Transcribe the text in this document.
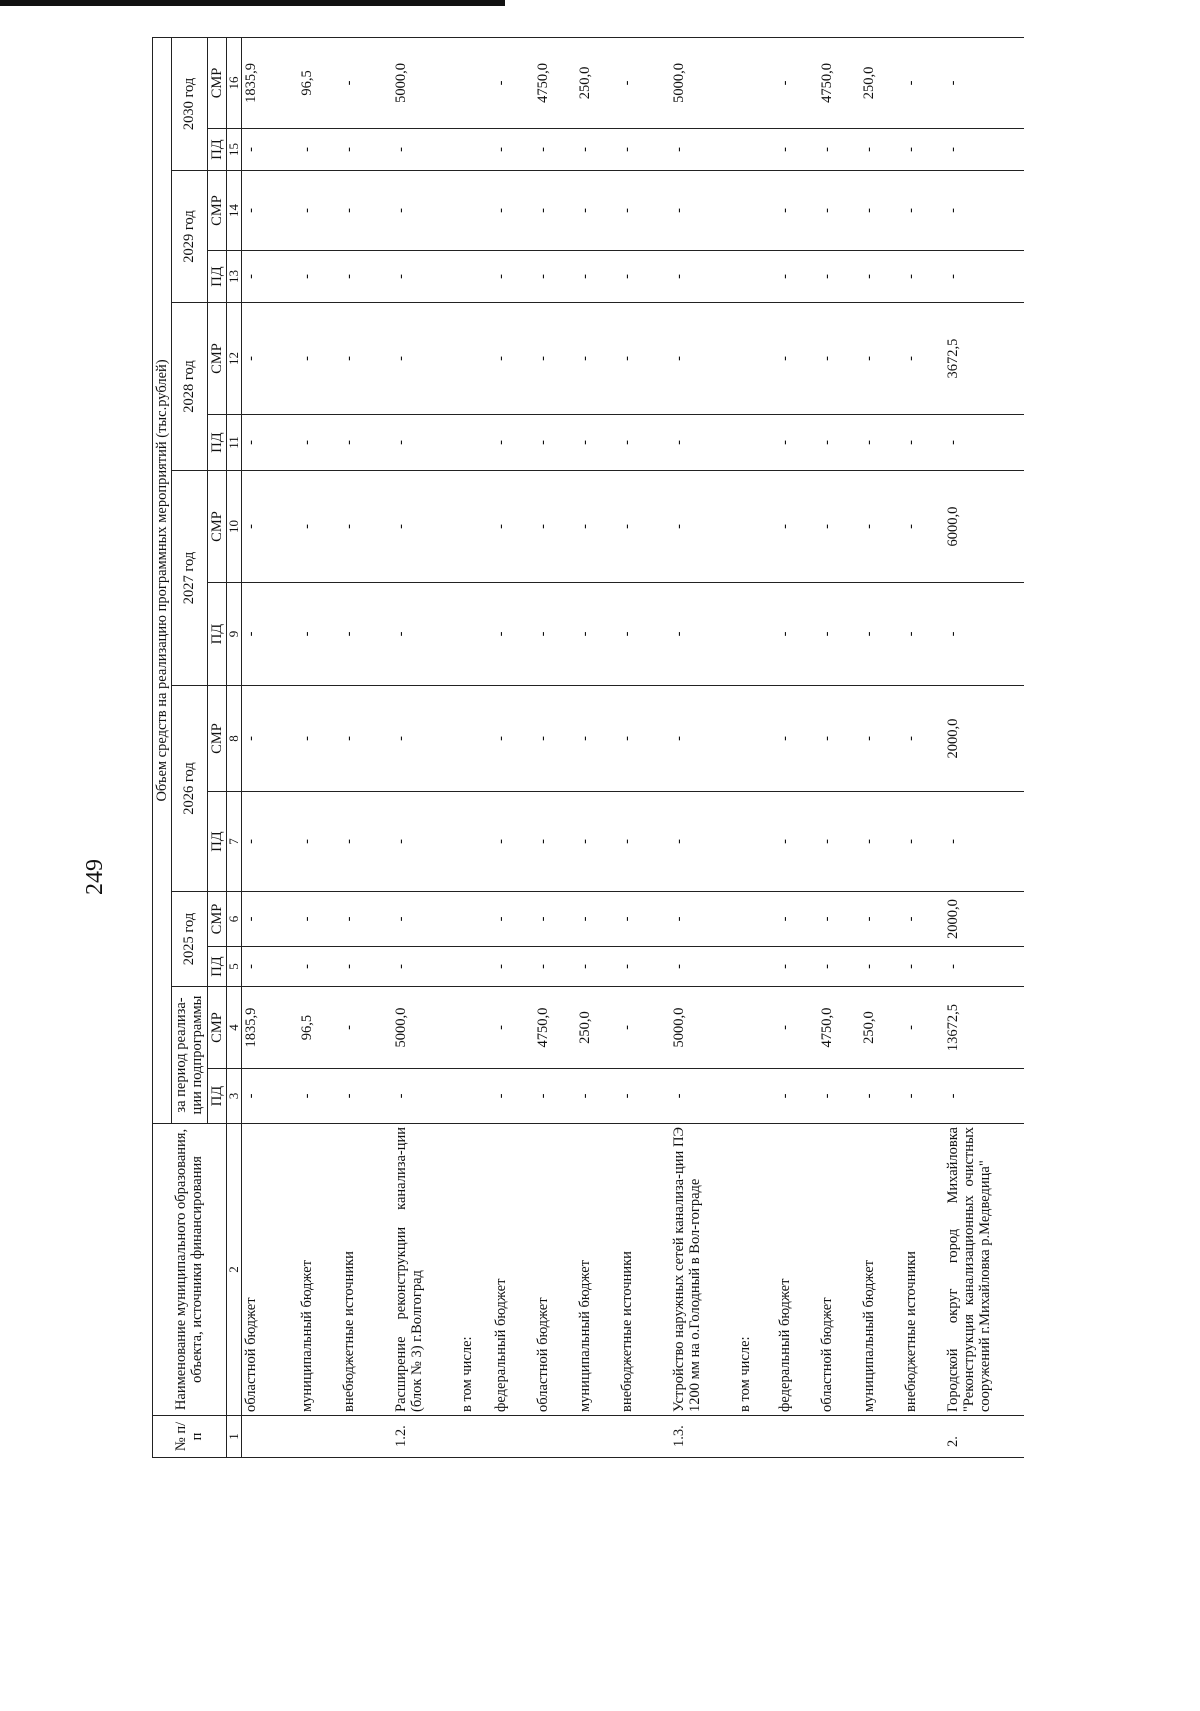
249
№ п/п	Наименование муниципального образования, объекта, источники финансирования	Объем средств на реализацию программных мероприятий (тыс.рублей)													
		за период реализа-ции подпрограммы		2025 год		2026 год		2027 год		2028 год		2029 год		2030 год	
		ПД	СМР	ПД	СМР	ПД	СМР	ПД	СМР	ПД	СМР	ПД	СМР	ПД	СМР
1	2	3	4	5	6	7	8	9	10	11	12	13	14	15	16
	областной бюджет	-	1835,9	-	-	-	-	-	-	-	-	-	-	-	1835,9
	муниципальный бюджет	-	96,5	-	-	-	-	-	-	-	-	-	-	-	96,5
	внебюджетные источники	-	-	-	-	-	-	-	-	-	-	-	-	-	-
1.2.	Расширение реконструкции канализа-ции (блок № 3) г.Волгоград	-	5000,0	-	-	-	-	-	-	-	-	-	-	-	5000,0
	в том числе:														
	федеральный бюджет	-	-	-	-	-	-	-	-	-	-	-	-	-	-
	областной бюджет	-	4750,0	-	-	-	-	-	-	-	-	-	-	-	4750,0
	муниципальный бюджет	-	250,0	-	-	-	-	-	-	-	-	-	-	-	250,0
	внебюджетные источники	-	-	-	-	-	-	-	-	-	-	-	-	-	-
1.3.	Устройство наружных сетей канализа-ции ПЭ 1200 мм на о.Голодный в Вол-гограде	-	5000,0	-	-	-	-	-	-	-	-	-	-	-	5000,0
	в том числе:														
	федеральный бюджет	-	-	-	-	-	-	-	-	-	-	-	-	-	-
	областной бюджет	-	4750,0	-	-	-	-	-	-	-	-	-	-	-	4750,0
	муниципальный бюджет	-	250,0	-	-	-	-	-	-	-	-	-	-	-	250,0
	внебюджетные источники	-	-	-	-	-	-	-	-	-	-	-	-	-	-
2.	Городской округ город Михайловка "Реконструкция канализационных очистных сооружений г.Михайловка р.Медведица"	-	13672,5	-	2000,0	-	2000,0	-	6000,0	-	3672,5	-	-	-	-
